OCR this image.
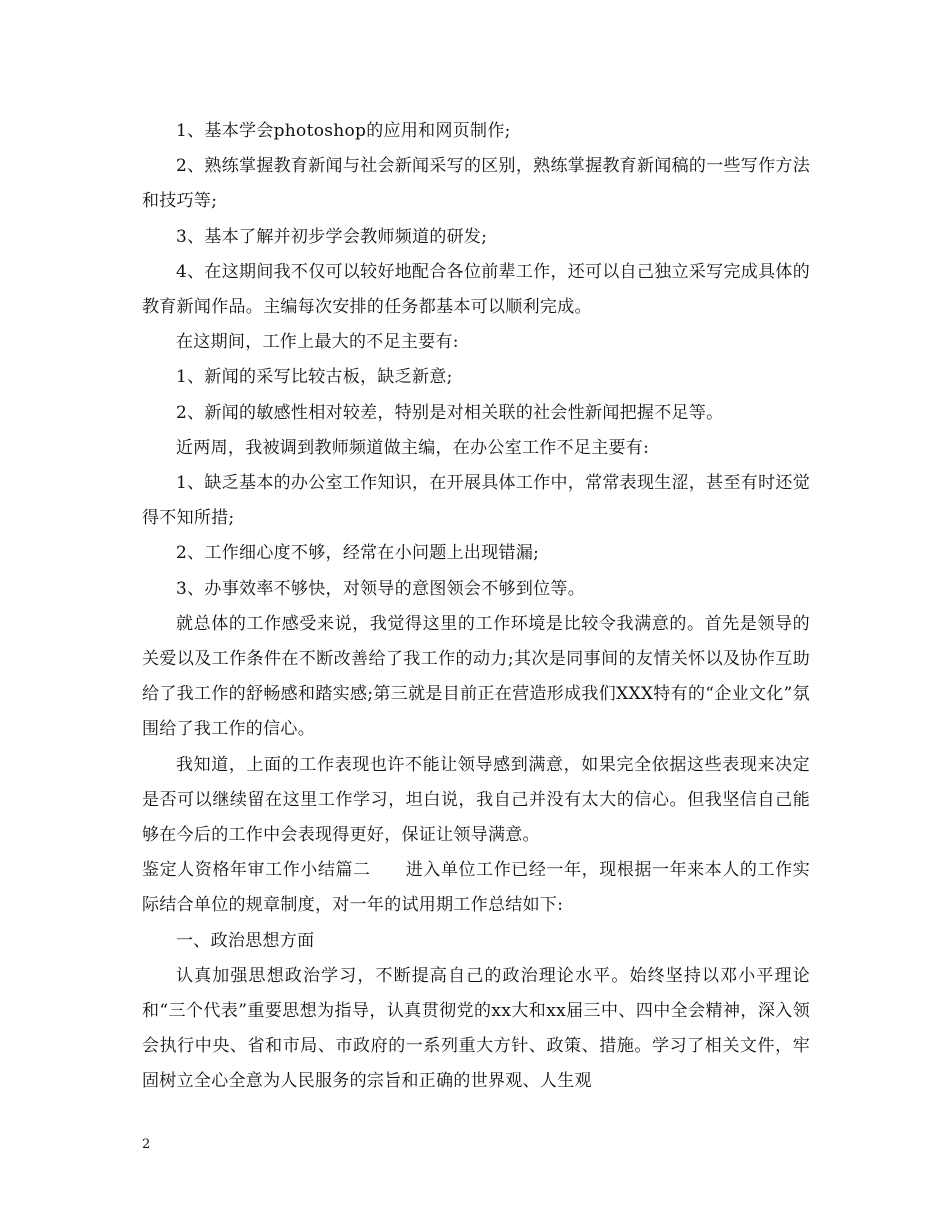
1、基本学会photoshop的应用和网页制作;

2、熟练掌握教育新闻与社会新闻采写的区别，熟练掌握教育新闻稿的一些写作方法和技巧等;

3、基本了解并初步学会教师频道的研发;

4、在这期间我不仅可以较好地配合各位前辈工作，还可以自己独立采写完成具体的教育新闻作品。主编每次安排的任务都基本可以顺利完成。

在这期间，工作上最大的不足主要有:

1、新闻的采写比较古板，缺乏新意;

2、新闻的敏感性相对较差，特别是对相关联的社会性新闻把握不足等。

近两周，我被调到教师频道做主编，在办公室工作不足主要有:

1、缺乏基本的办公室工作知识，在开展具体工作中，常常表现生涩，甚至有时还觉得不知所措;

2、工作细心度不够，经常在小问题上出现错漏;

3、办事效率不够快，对领导的意图领会不够到位等。

就总体的工作感受来说，我觉得这里的工作环境是比较令我满意的。首先是领导的关爱以及工作条件在不断改善给了我工作的动力;其次是同事间的友情关怀以及协作互助给了我工作的舒畅感和踏实感;第三就是目前正在营造形成我们XXX特有的“企业文化”氛围给了我工作的信心。

我知道，上面的工作表现也许不能让领导感到满意，如果完全依据这些表现来决定是否可以继续留在这里工作学习，坦白说，我自己并没有太大的信心。但我坚信自己能够在今后的工作中会表现得更好，保证让领导满意。

鉴定人资格年审工作小结篇二　　进入单位工作已经一年，现根据一年来本人的工作实际结合单位的规章制度，对一年的试用期工作总结如下:

一、政治思想方面

认真加强思想政治学习，不断提高自己的政治理论水平。始终坚持以邓小平理论和“三个代表”重要思想为指导，认真贯彻党的xx大和xx届三中、四中全会精神，深入领会执行中央、省和市局、市政府的一系列重大方针、政策、措施。学习了相关文件，牢固树立全心全意为人民服务的宗旨和正确的世界观、人生观

2
